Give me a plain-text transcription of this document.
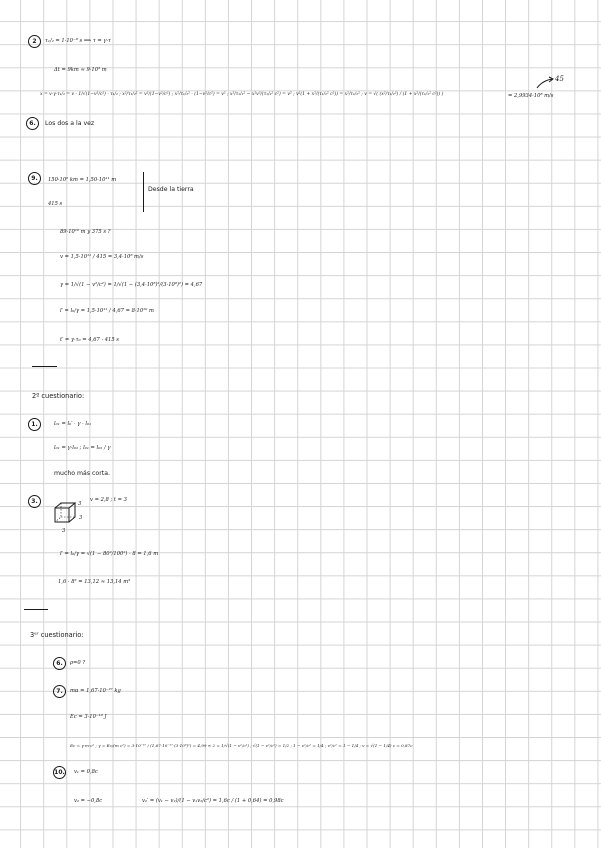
2	τ₁/₂ = 1·10⁻⁸ s ⟹ τ = γ·τ
Δt = 9km ≈ 9·10³ m
x = v·γ·τ₁/₂ = v · 1/√(1−v²/c²) · τ₁/₂ ; x²/τ₁/₂² = v²/(1−v²/c²) ; x²/τ₁/₂² · (1−v²/c²) = v² ; x²/τ₁/₂² − x²v²/(τ₁/₂² c²) = v² ; v²(1 + x²/(τ₁/₂² c²)) = x²/τ₁/₂² ; v = √( (x²/τ₁/₂²) / (1 + x²/(τ₁/₂² c²)) )	= 2,9934·10⁸ m/s
45
6.	Los dos a la vez
9.	150·10⁶ km = 1,50·10¹¹ m
415 s
Desde la tierra
89·10¹⁰ m y 375 s ?
v = 1,5·10¹¹ / 415 = 3,4·10⁸ m/s
γ = 1/√(1 − v²/c²) = 1/√(1 − (3,4·10⁸)²/(3·10⁸)²) = 4,67
l′ = l₀/γ = 1,5·10¹¹ / 4,67 = 8·10¹⁰ m
t′ = γ·τ₀ = 4,67 · 415 s
2º cuestionario:
1.	l₀₁ = l₀′ · γ · l₀₁
l₀₁ = γ·l₀₂ ; l₀₁ = l₀₂ / γ
mucho más corta.
3.	3
3
3
v = 2,8 ; t = 3
l′ = l₀/γ = √(1 − 80²/100²) · 8 = 1,6 m
1,6 · 8² = 13,12 ≈ 13,14 m³
3ᵉʳ cuestionario:
6.	ρ=0 ?
7.	mα = 1,67·10⁻²⁷ kg
Ec = 3·10⁻¹⁰ J
Ec = γ·m·c² ; γ = Ec/(m c²) = 3·10⁻¹⁰ / (1,67·10⁻²⁷·(3·10⁸)²) = 4,99 ≈ 2 = 1/√(1 − v²/c²) ; √(1 − v²/c²) = 1/2 ; 1 − v²/c² = 1/4 ; v²/c² = 1 − 1/4 ; v = √(1 − 1/4) c = 0,87c
10. v₁ = 0,8c
v₂ = −0,8c	v₂′ = (v₁ − v₂)/(1 − v₁v₂/c²) = 1,6c / (1 + 0,64) = 0,98c
